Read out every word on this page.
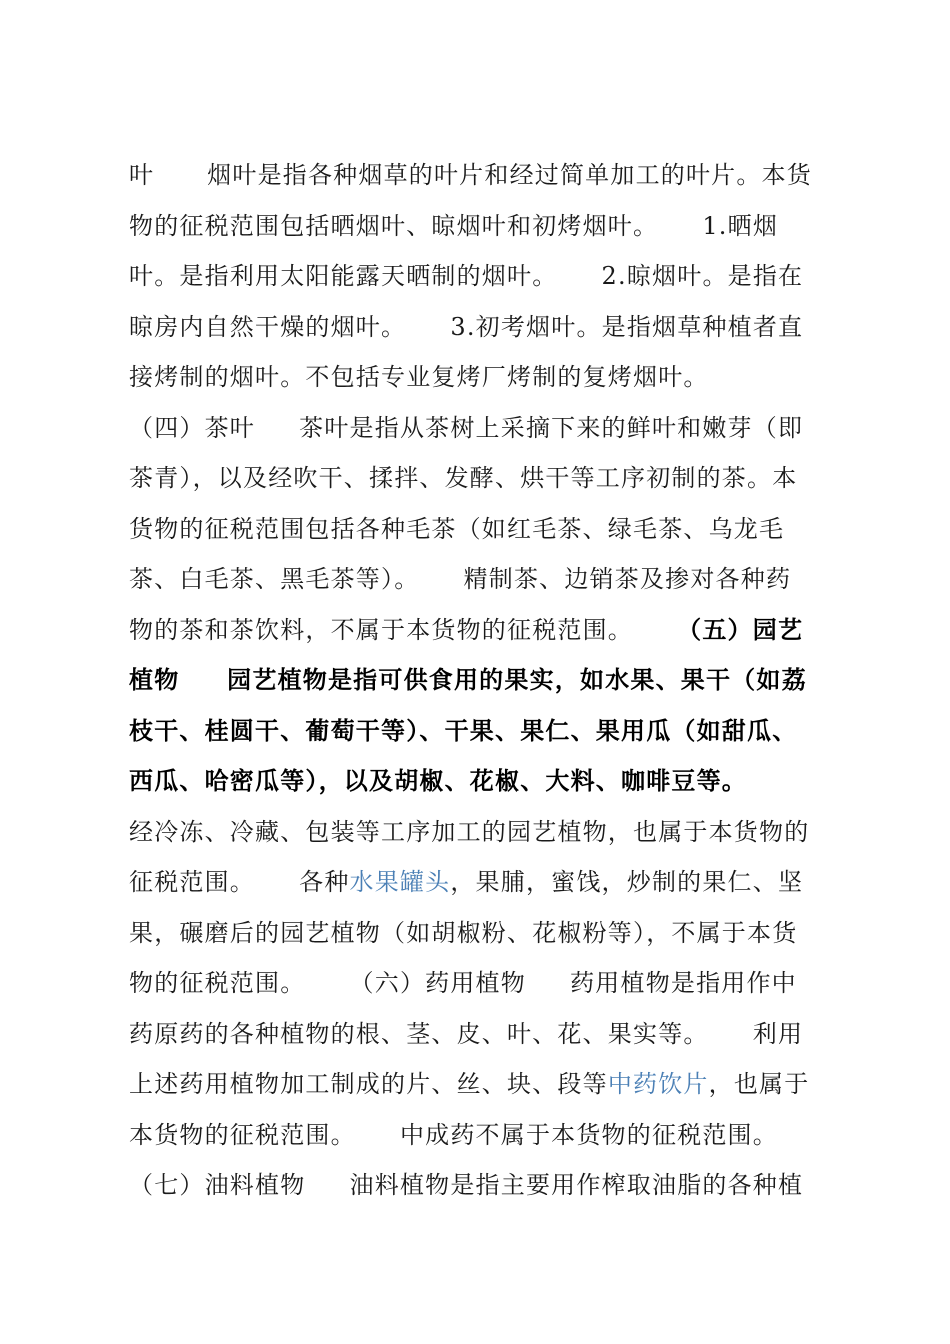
叶      烟叶是指各种烟草的叶片和经过简单加工的叶片。本货
物的征税范围包括晒烟叶、晾烟叶和初烤烟叶。     1.晒烟
叶。是指利用太阳能露天晒制的烟叶。     2.晾烟叶。是指在
晾房内自然干燥的烟叶。     3.初考烟叶。是指烟草种植者直
接烤制的烟叶。不包括专业复烤厂烤制的复烤烟叶。
（四）茶叶     茶叶是指从茶树上采摘下来的鲜叶和嫩芽（即
茶青），以及经吹干、揉拌、发酵、烘干等工序初制的茶。本
货物的征税范围包括各种毛茶（如红毛茶、绿毛茶、乌龙毛
茶、白毛茶、黑毛茶等）。     精制茶、边销茶及掺对各种药
物的茶和茶饮料，不属于本货物的征税范围。     （五）园艺
植物     园艺植物是指可供食用的果实，如水果、果干（如荔
枝干、桂圆干、葡萄干等）、干果、果仁、果用瓜（如甜瓜、
西瓜、哈密瓜等），以及胡椒、花椒、大料、咖啡豆等。
经冷冻、冷藏、包装等工序加工的园艺植物，也属于本货物的
征税范围。     各种水果罐头，果脯，蜜饯，炒制的果仁、坚
果，碾磨后的园艺植物（如胡椒粉、花椒粉等），不属于本货
物的征税范围。     （六）药用植物     药用植物是指用作中
药原药的各种植物的根、茎、皮、叶、花、果实等。     利用
上述药用植物加工制成的片、丝、块、段等中药饮片，也属于
本货物的征税范围。     中成药不属于本货物的征税范围。
（七）油料植物     油料植物是指主要用作榨取油脂的各种植
